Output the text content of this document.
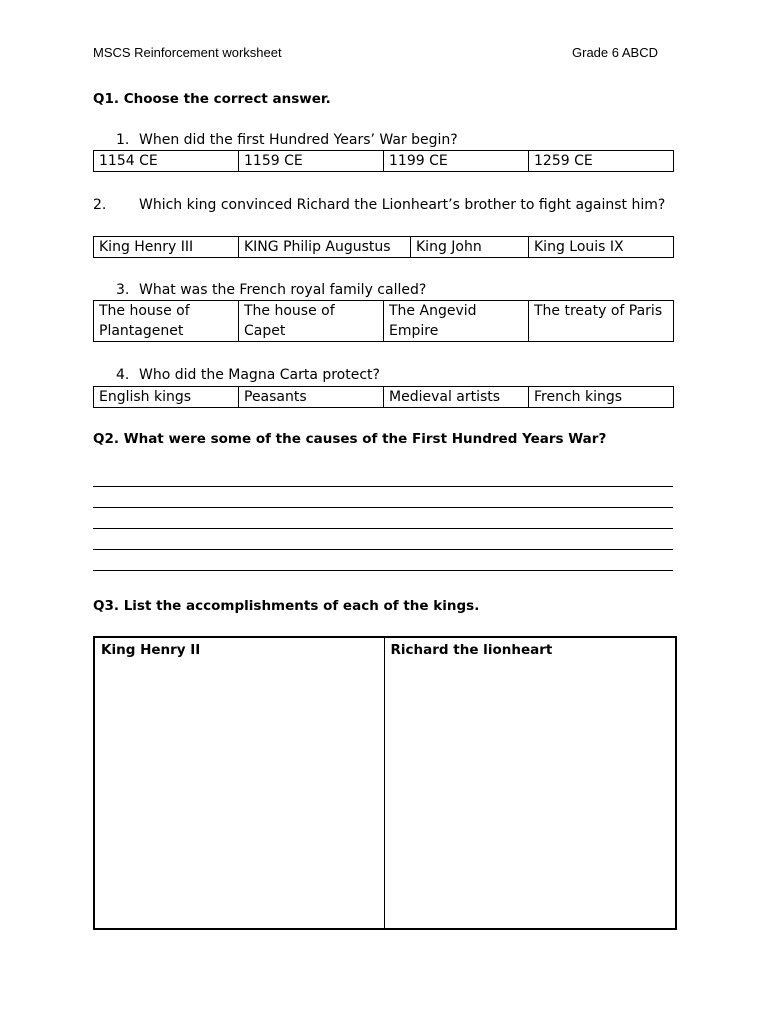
MSCS Reinforcement worksheet	Grade 6 ABCD
Q1. Choose the correct answer.
1. When did the first Hundred Years’ War begin?
1154 CE	1159 CE	1199 CE	1259 CE
2. Which king convinced Richard the Lionheart’s brother to fight against him?
King Henry III	KING Philip Augustus	King John	King Louis IX
3. What was the French royal family called?
The house of Plantagenet	The house of Capet	The Angevid Empire	The treaty of Paris
4. Who did the Magna Carta protect?
English kings	Peasants	Medieval artists	French kings
Q2. What were some of the causes of the First Hundred Years War?
Q3. List the accomplishments of each of the kings.
King Henry II	Richard the lionheart
